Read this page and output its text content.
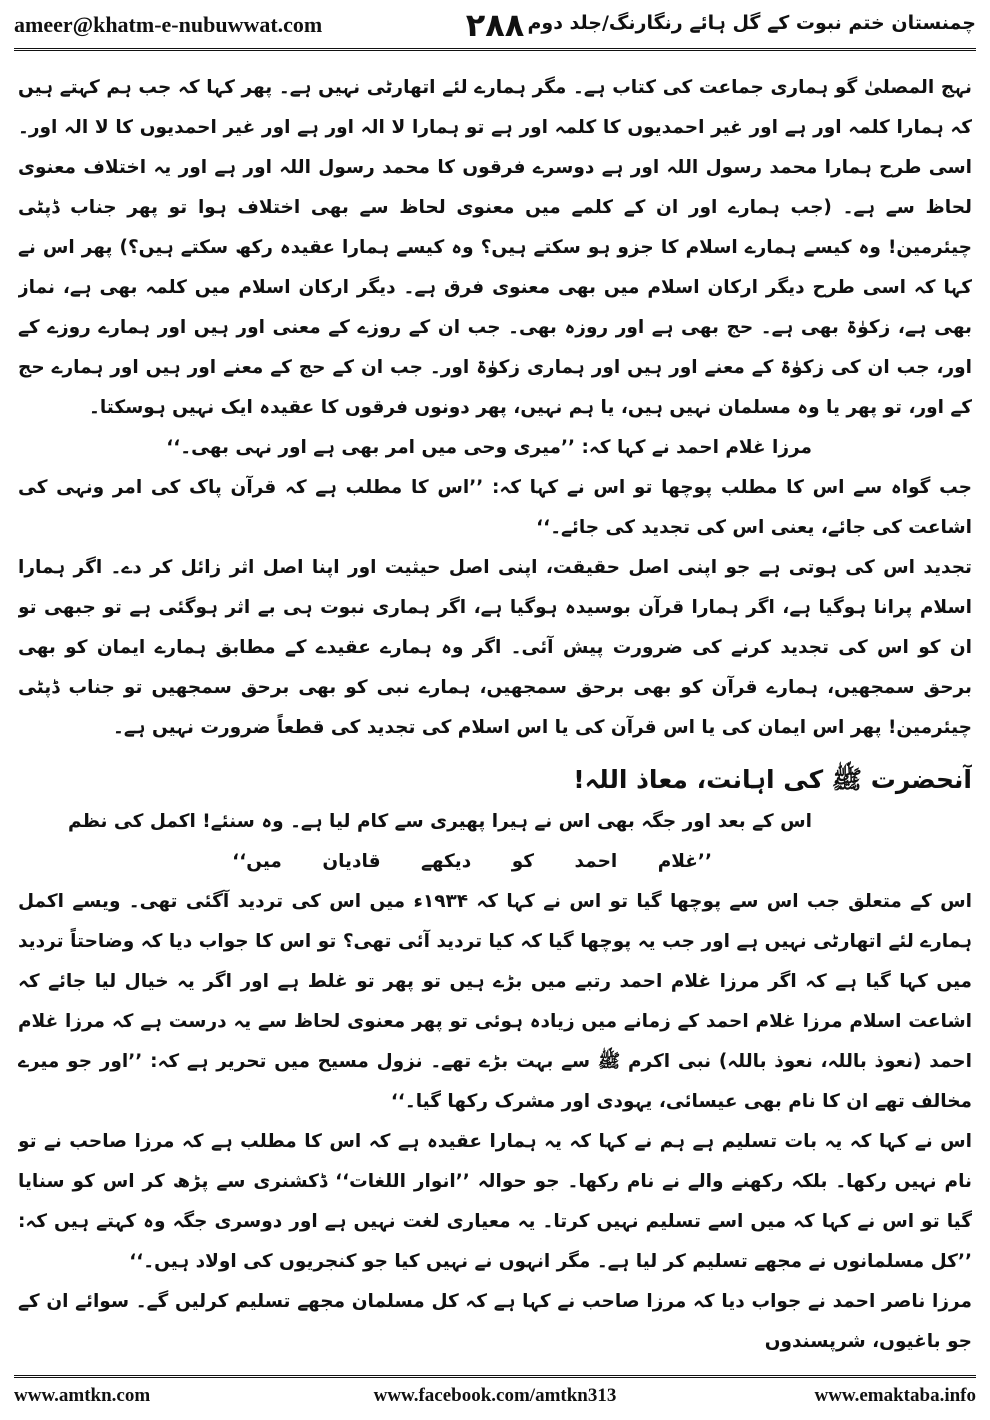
ameer@khatm-e-nubuwwat.com	۲۸۸ چمنستان ختم نبوت کے گل ہائے رنگارنگ/جلد دوم

نہج المصلیٰ گو ہماری جماعت کی کتاب ہے۔ مگر ہمارے لئے اتھارٹی نہیں ہے۔ پھر کہا کہ جب ہم کہتے ہیں کہ ہمارا کلمہ اور ہے اور غیر احمدیوں کا کلمہ اور ہے تو ہمارا لا الہ اور ہے اور غیر احمدیوں کا لا الہ اور۔ اسی طرح ہمارا محمد رسول اللہ اور ہے دوسرے فرقوں کا محمد رسول اللہ اور ہے اور یہ اختلاف معنوی لحاظ سے ہے۔ (جب ہمارے اور ان کے کلمے میں معنوی لحاظ سے بھی اختلاف ہوا تو پھر جناب ڈپٹی چیئرمین! وہ کیسے ہمارے اسلام کا جزو ہو سکتے ہیں؟ وہ کیسے ہمارا عقیدہ رکھ سکتے ہیں؟) پھر اس نے کہا کہ اسی طرح دیگر ارکان اسلام میں بھی معنوی فرق ہے۔ دیگر ارکان اسلام میں کلمہ بھی ہے، نماز بھی ہے، زکوٰۃ بھی ہے۔ حج بھی ہے اور روزہ بھی۔ جب ان کے روزے کے معنی اور ہیں اور ہمارے روزے کے اور، جب ان کی زکوٰۃ کے معنے اور ہیں اور ہماری زکوٰۃ اور۔ جب ان کے حج کے معنے اور ہیں اور ہمارے حج کے اور، تو پھر یا وہ مسلمان نہیں ہیں، یا ہم نہیں، پھر دونوں فرقوں کا عقیدہ ایک نہیں ہوسکتا۔

مرزا غلام احمد نے کہا کہ: ’’میری وحی میں امر بھی ہے اور نہی بھی۔‘‘

جب گواہ سے اس کا مطلب پوچھا تو اس نے کہا کہ: ’’اس کا مطلب ہے کہ قرآن پاک کی امر ونہی کی اشاعت کی جائے، یعنی اس کی تجدید کی جائے۔‘‘

تجدید اس کی ہوتی ہے جو اپنی اصل حقیقت، اپنی اصل حیثیت اور اپنا اصل اثر زائل کر دے۔ اگر ہمارا اسلام پرانا ہوگیا ہے، اگر ہمارا قرآن بوسیدہ ہوگیا ہے، اگر ہماری نبوت ہی بے اثر ہوگئی ہے تو جبھی تو ان کو اس کی تجدید کرنے کی ضرورت پیش آئی۔ اگر وہ ہمارے عقیدے کے مطابق ہمارے ایمان کو بھی برحق سمجھیں، ہمارے قرآن کو بھی برحق سمجھیں، ہمارے نبی کو بھی برحق سمجھیں تو جناب ڈپٹی چیئرمین! پھر اس ایمان کی یا اس قرآن کی یا اس اسلام کی تجدید کی قطعاً ضرورت نہیں ہے۔

آنحضرت ﷺ کی اہانت، معاذ اللہ!

اس کے بعد اور جگہ بھی اس نے ہیرا پھیری سے کام لیا ہے۔ وہ سنئے! اکمل کی نظم

’’غلام احمد کو دیکھے قادیان میں‘‘

اس کے متعلق جب اس سے پوچھا گیا تو اس نے کہا کہ ۱۹۳۴ء میں اس کی تردید آگئی تھی۔ ویسے اکمل ہمارے لئے اتھارٹی نہیں ہے اور جب یہ پوچھا گیا کہ کیا تردید آئی تھی؟ تو اس کا جواب دیا کہ وضاحتاً تردید میں کہا گیا ہے کہ اگر مرزا غلام احمد رتبے میں بڑے ہیں تو پھر تو غلط ہے اور اگر یہ خیال لیا جائے کہ اشاعت اسلام مرزا غلام احمد کے زمانے میں زیادہ ہوئی تو پھر معنوی لحاظ سے یہ درست ہے کہ مرزا غلام احمد (نعوذ باللہ، نعوذ باللہ) نبی اکرم ﷺ سے بہت بڑے تھے۔ نزول مسیح میں تحریر ہے کہ: ’’اور جو میرے مخالف تھے ان کا نام بھی عیسائی، یہودی اور مشرک رکھا گیا۔‘‘

اس نے کہا کہ یہ بات تسلیم ہے ہم نے کہا کہ یہ ہمارا عقیدہ ہے کہ اس کا مطلب ہے کہ مرزا صاحب نے تو نام نہیں رکھا۔ بلکہ رکھنے والے نے نام رکھا۔ جو حوالہ ’’انوار اللغات‘‘ ڈکشنری سے پڑھ کر اس کو سنایا گیا تو اس نے کہا کہ میں اسے تسلیم نہیں کرتا۔ یہ معیاری لغت نہیں ہے اور دوسری جگہ وہ کہتے ہیں کہ: ’’کل مسلمانوں نے مجھے تسلیم کر لیا ہے۔ مگر انہوں نے نہیں کیا جو کنجریوں کی اولاد ہیں۔‘‘

مرزا ناصر احمد نے جواب دیا کہ مرزا صاحب نے کہا ہے کہ کل مسلمان مجھے تسلیم کرلیں گے۔ سوائے ان کے جو باغیوں، شرپسندوں

www.amtkn.com	www.facebook.com/amtkn313	www.emaktaba.info
